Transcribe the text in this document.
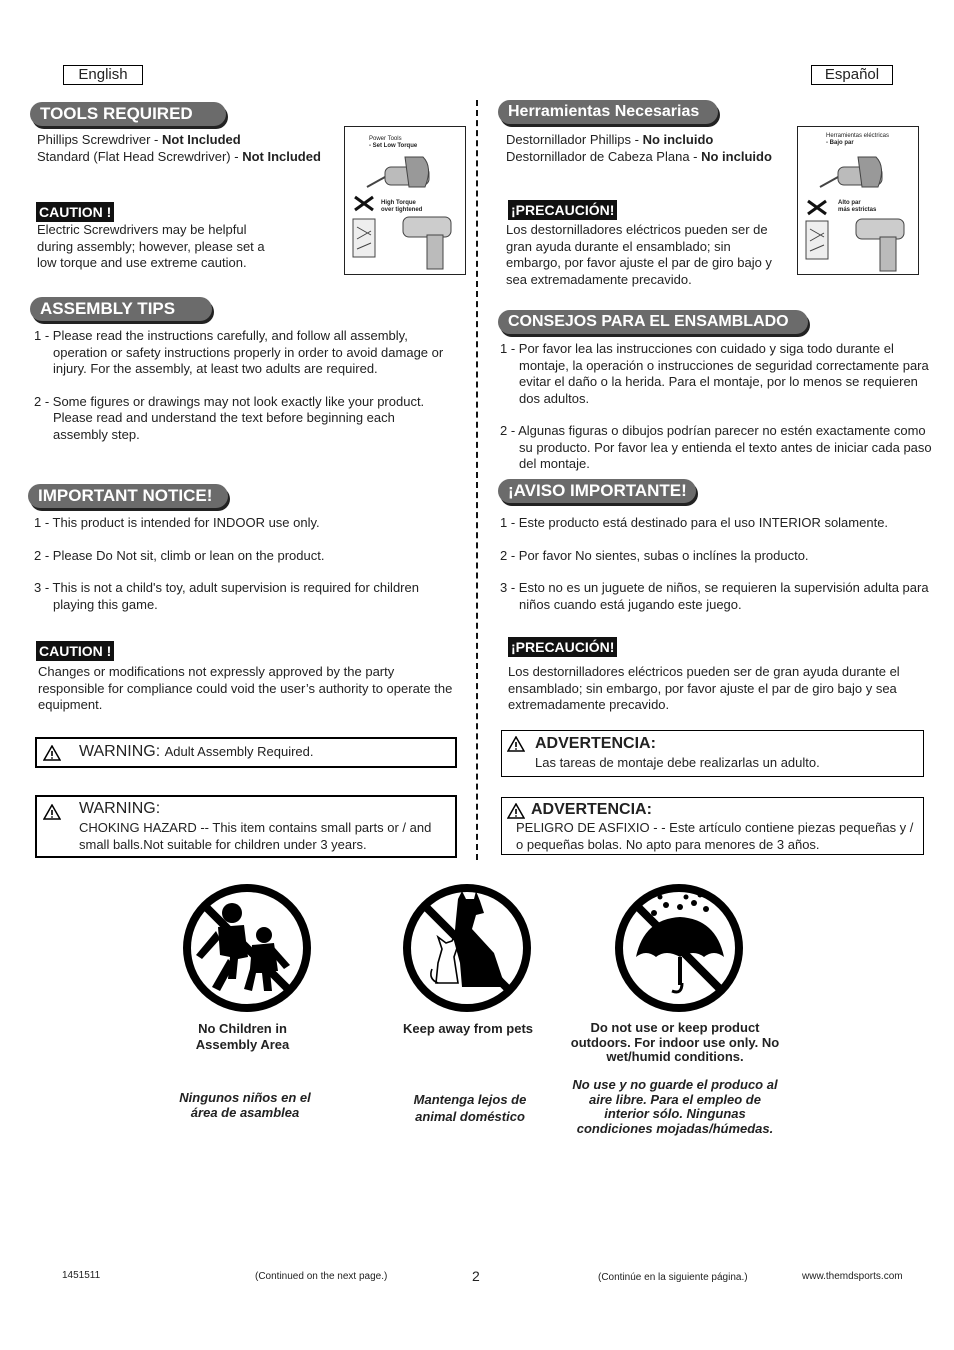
English	Español
TOOLS REQUIRED
Phillips Screwdriver - Not Included
Standard (Flat Head Screwdriver) - Not Included
Power Tools
- Set Low Torque
High Torque
over tightened
CAUTION !
Electric Screwdrivers may be helpful during assembly; however, please set a low torque and use extreme caution.
ASSEMBLY TIPS
1 - Please read the instructions carefully, and follow all assembly, operation or safety instructions properly in order to avoid damage or injury. For the assembly, at least two adults are required.
2 - Some figures or drawings may not look exactly like your product. Please read and understand the text before beginning each assembly step.
IMPORTANT NOTICE!
1 - This product is intended for INDOOR use only.
2 - Please Do Not sit, climb or lean on the product.
3 - This is not a child's toy, adult supervision is required for children playing this game.
CAUTION !
Changes or modifications not expressly approved by the party responsible for compliance could void the user’s authority to operate the equipment.
WARNING: Adult Assembly Required.
WARNING:
CHOKING HAZARD -- This item contains small parts or / and small balls.Not suitable for children under 3 years.
Herramientas Necesarias
Destornillador Phillips - No incluido
Destornillador de Cabeza Plana - No incluido
Herramientas eléctricas
- Bajo par
Alto par
más estrictas
¡PRECAUCIÓN!
Los destornilladores eléctricos pueden ser de gran ayuda durante el ensamblado; sin embargo, por favor ajuste el par de giro bajo y sea extremadamente precavido.
CONSEJOS PARA EL ENSAMBLADO
1 - Por favor lea las instrucciones con cuidado y siga todo durante el montaje, la operación o instrucciones de seguridad correctamente para evitar el daño o la herida. Para el montaje, por lo menos se requieren dos adultos.
2 - Algunas figuras o dibujos podrían parecer no estén exactamente como su producto. Por favor lea y entienda el texto antes de iniciar cada paso del montaje.
¡AVISO IMPORTANTE!
1 - Este producto está destinado para el uso INTERIOR solamente.
2 - Por favor No sientes, subas o inclínes la producto.
3 - Esto no es un juguete de niños, se requieren la supervisión adulta para niños cuando está jugando este juego.
¡PRECAUCIÓN!
Los destornilladores eléctricos pueden ser de gran ayuda durante el ensamblado; sin embargo, por favor ajuste el par de giro bajo y sea extremadamente precavido.
ADVERTENCIA:
Las tareas de montaje debe realizarlas un adulto.
ADVERTENCIA:
PELIGRO DE ASFIXIO - - Este artículo contiene piezas pequeñas y / o pequeñas bolas. No apto para menores de 3 años.
No Children in Assembly Area
Keep away from pets	Do not use or keep product outdoors. For indoor use only. No wet/humid conditions.
Ningunos niños en el área de asamblea
Mantenga lejos de animal doméstico
No use y no guarde el produco al aire libre. Para el empleo de interior sólo. Ningunas condiciones mojadas/húmedas.
1451511	(Continued on the next page.)	2	(Continúe en la siguiente página.)	www.themdsports.com
